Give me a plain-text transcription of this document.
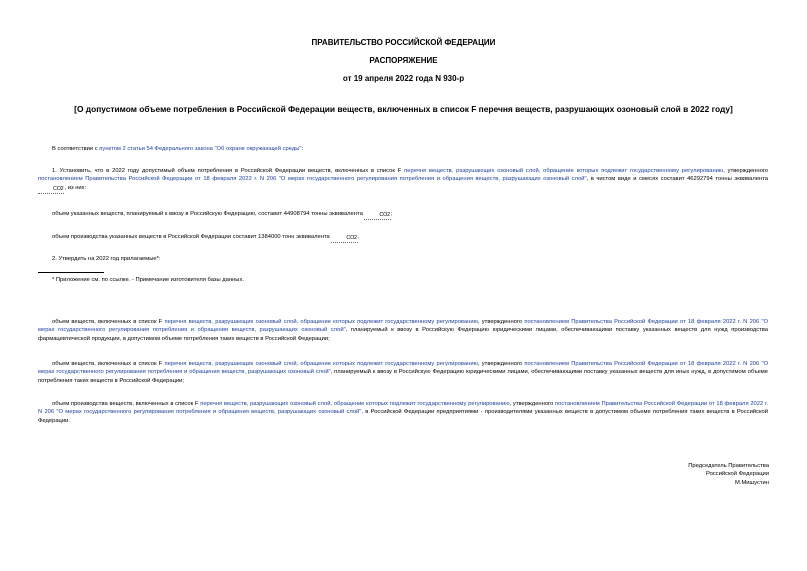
ПРАВИТЕЛЬСТВО РОССИЙСКОЙ ФЕДЕРАЦИИ
РАСПОРЯЖЕНИЕ
от 19 апреля 2022 года N 930-р
[О допустимом объеме потребления в Российской Федерации веществ, включенных в список F перечня веществ, разрушающих озоновый слой в 2022 году]
В соответствии с пунктом 2 статьи 54 Федерального закона "Об охране окружающей среды":
1. Установить, что в 2022 году допустимый объем потребления в Российской Федерации веществ, включенных в список F перечня веществ, разрушающих озоновый слой, обращение которых подлежит государственному регулированию, утвержденного постановлением Правительства Российской Федерации от 18 февраля 2022 г. N 206 "О мерах государственного регулирования потребления и обращения веществ, разрушающих озоновый слой", в чистом виде и смесях составит 46292794 тонны эквивалента CO2, из них:
объем указанных веществ, планируемый к ввозу в Российскую Федерацию, составит 44908794 тонны эквивалента	CO2;
объем производства указанных веществ в Российской Федерации составит 1384000 тонн эквивалента	CO2.
2. Утвердить на 2022 год прилагаемые*:
* Приложение см. по ссылке. - Примечание изготовителя базы данных.
объем веществ, включенных в список F перечня веществ, разрушающих озоновый слой, обращение которых подлежит государственному регулированию, утвержденного постановлением Правительства Российской Федерации от 18 февраля 2022 г. N 206 "О мерах государственного регулирования потребления и обращения веществ, разрушающих озоновый слой", планируемый к ввозу в Российскую Федерацию юридическими лицами, обеспечивающими поставку указанных веществ для нужд производства фармацевтической продукции, в допустимом объеме потребления таких веществ в Российской Федерации;
объем веществ, включенных в список F перечня веществ, разрушающих озоновый слой, обращение которых подлежит государственному регулированию, утвержденного постановлением Правительства Российской Федерации от 18 февраля 2022 г. N 206 "О мерах государственного регулирования потребления и обращения веществ, разрушающих озоновый слой", планируемый к ввозу в Российскую Федерацию юридическими лицами, обеспечивающими поставку указанных веществ для иных нужд, в допустимом объеме потребления таких веществ в Российской Федерации;
объем производства веществ, включенных в список F перечня веществ, разрушающих озоновый слой, обращение которых подлежит государственному регулированию, утвержденного постановлением Правительства Российской Федерации от 18 февраля 2022 г. N 206 "О мерах государственного регулирования потребления и обращения веществ, разрушающих озоновый слой", в Российской Федерации предприятиями - производителями указанных веществ в допустимом объеме потребления таких веществ в Российской Федерации.
Председатель Правительства
Российской Федерации
М.Мишустин
